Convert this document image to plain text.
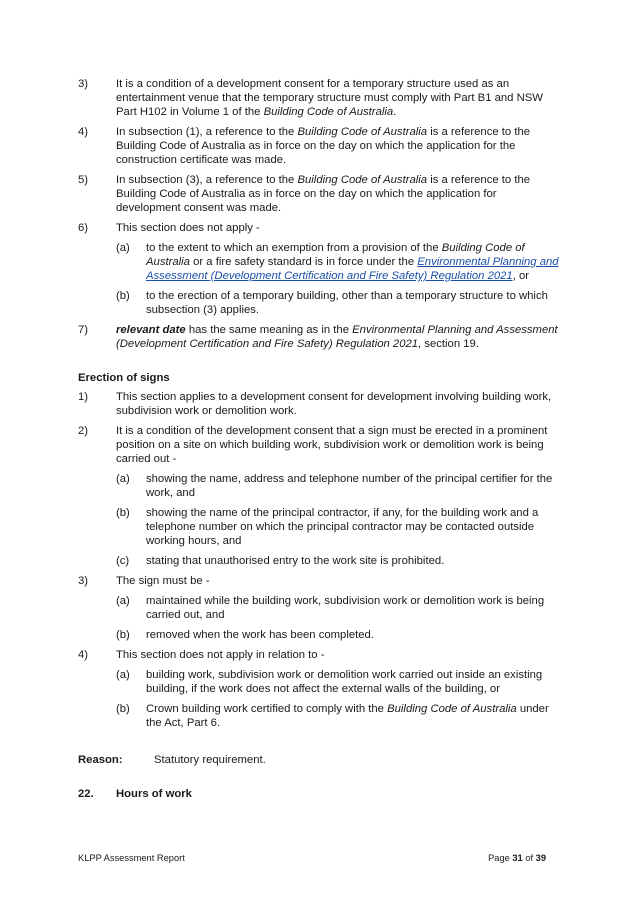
3)	It is a condition of a development consent for a temporary structure used as an entertainment venue that the temporary structure must comply with Part B1 and NSW Part H102 in Volume 1 of the Building Code of Australia.
4)	In subsection (1), a reference to the Building Code of Australia is a reference to the Building Code of Australia as in force on the day on which the application for the construction certificate was made.
5)	In subsection (3), a reference to the Building Code of Australia is a reference to the Building Code of Australia as in force on the day on which the application for development consent was made.
6)	This section does not apply -
(a)	to the extent to which an exemption from a provision of the Building Code of Australia or a fire safety standard is in force under the Environmental Planning and Assessment (Development Certification and Fire Safety) Regulation 2021, or
(b)	to the erection of a temporary building, other than a temporary structure to which subsection (3) applies.
7)	relevant date has the same meaning as in the Environmental Planning and Assessment (Development Certification and Fire Safety) Regulation 2021, section 19.
Erection of signs
1)	This section applies to a development consent for development involving building work, subdivision work or demolition work.
2)	It is a condition of the development consent that a sign must be erected in a prominent position on a site on which building work, subdivision work or demolition work is being carried out -
(a)	showing the name, address and telephone number of the principal certifier for the work, and
(b)	showing the name of the principal contractor, if any, for the building work and a telephone number on which the principal contractor may be contacted outside working hours, and
(c)	stating that unauthorised entry to the work site is prohibited.
3)	The sign must be -
(a)	maintained while the building work, subdivision work or demolition work is being carried out, and
(b)	removed when the work has been completed.
4)	This section does not apply in relation to -
(a)	building work, subdivision work or demolition work carried out inside an existing building, if the work does not affect the external walls of the building, or
(b)	Crown building work certified to comply with the Building Code of Australia under the Act, Part 6.
Reason:	Statutory requirement.
22.	Hours of work
KLPP Assessment Report	Page 31 of 39
